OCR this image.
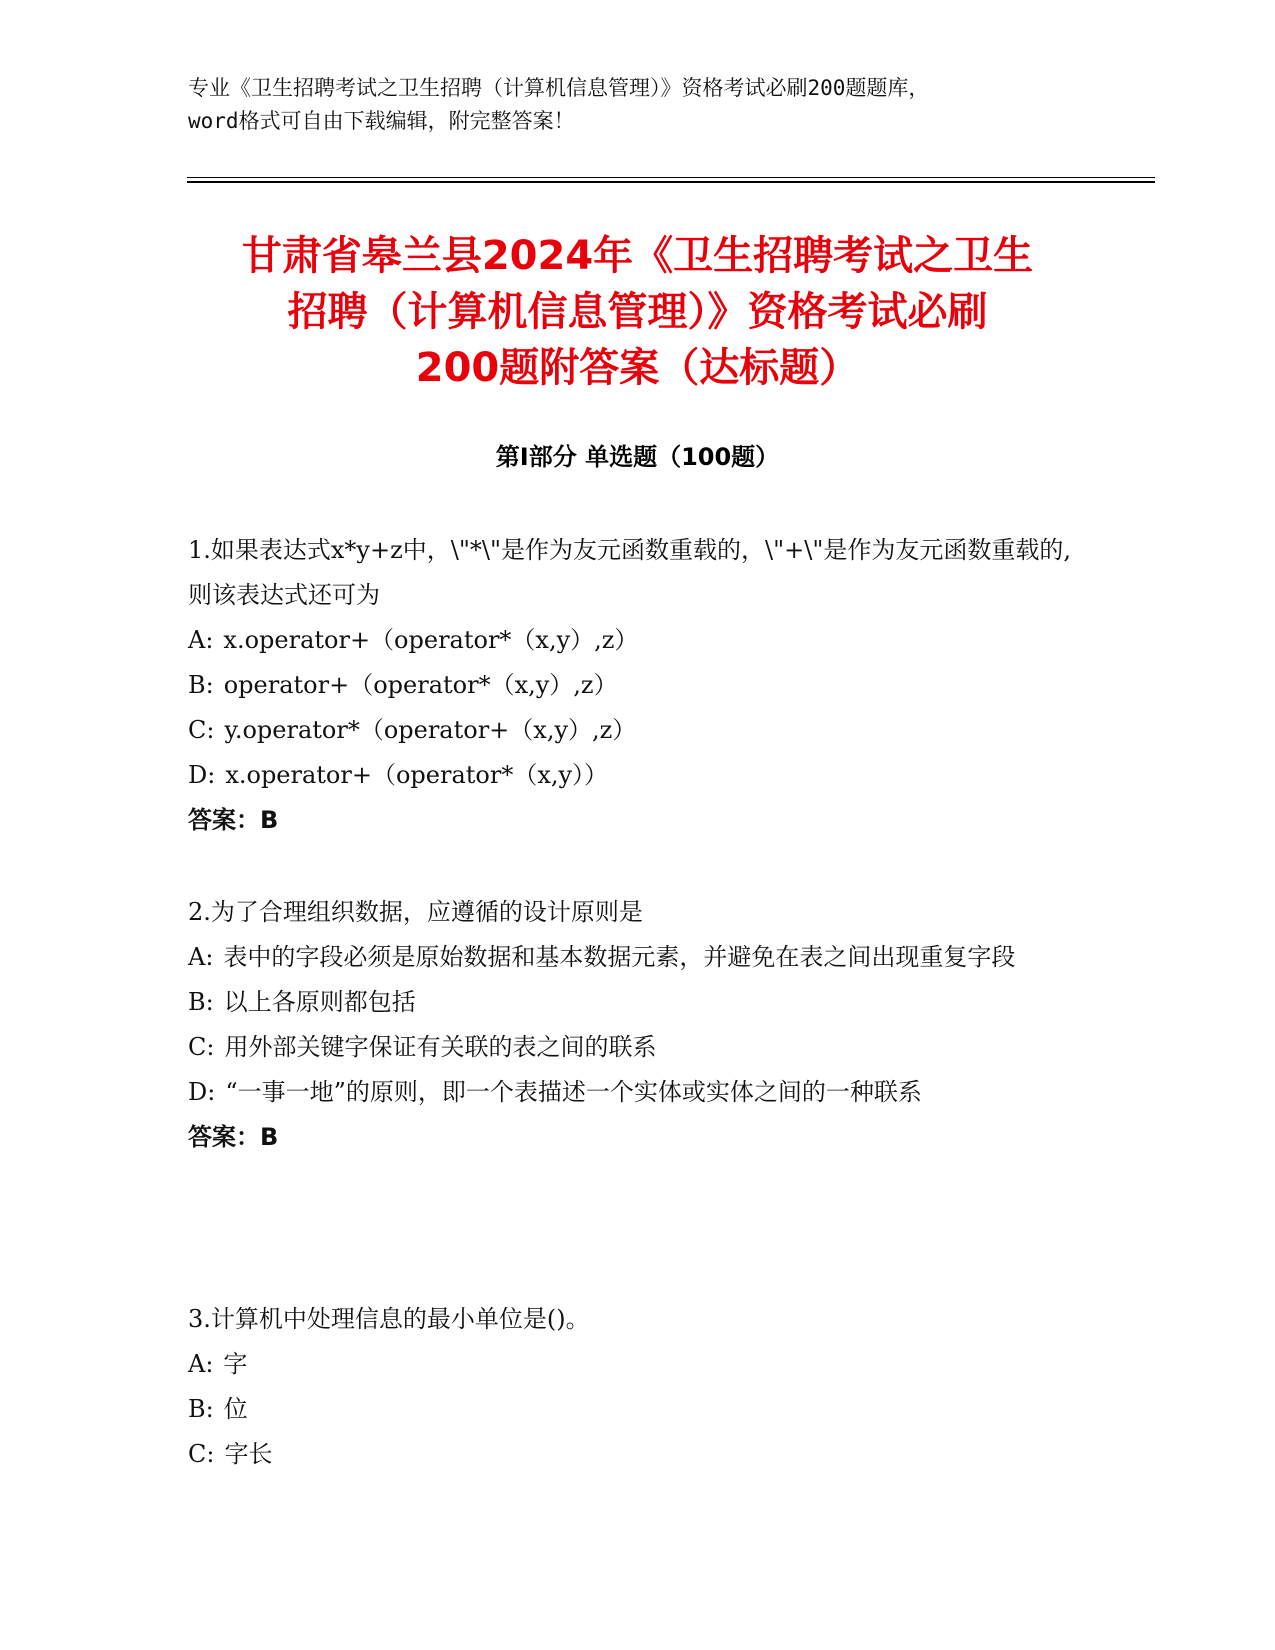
专业《卫生招聘考试之卫生招聘（计算机信息管理）》资格考试必刷200题题库，
word格式可自由下载编辑，附完整答案！
甘肃省皋兰县2024年《卫生招聘考试之卫生
招聘（计算机信息管理）》资格考试必刷
200题附答案（达标题）
第Ⅰ部分 单选题（100题）
1.如果表达式x*y+z中，\"*\"是作为友元函数重载的，\"+\"是作为友元函数重载的,则该表达式还可为
A: x.operator+（operator*（x,y）,z）
B: operator+（operator*（x,y）,z）
C: y.operator*（operator+（x,y）,z）
D: x.operator+（operator*（x,y））
答案：B
2.为了合理组织数据，应遵循的设计原则是
A: 表中的字段必须是原始数据和基本数据元素，并避免在表之间出现重复字段
B: 以上各原则都包括
C: 用外部关键字保证有关联的表之间的联系
D: “一事一地”的原则，即一个表描述一个实体或实体之间的一种联系
答案：B
3.计算机中处理信息的最小单位是()。
A: 字
B: 位
C: 字长
